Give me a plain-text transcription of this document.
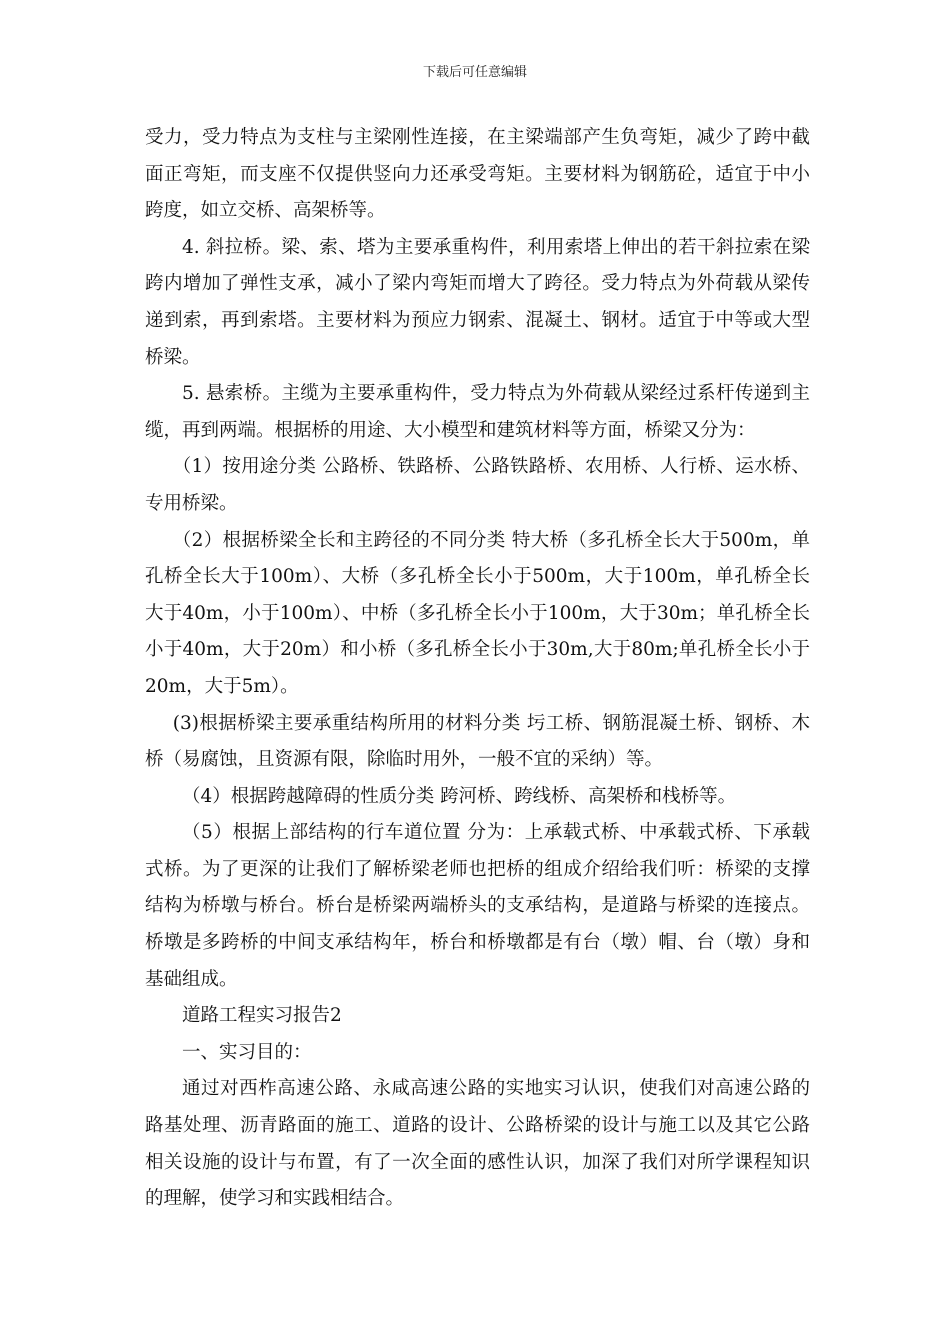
下载后可任意编辑

受力，受力特点为支柱与主梁刚性连接，在主梁端部产生负弯矩，减少了跨中截面正弯矩，而支座不仅提供竖向力还承受弯矩。主要材料为钢筋砼，适宜于中小跨度，如立交桥、高架桥等。

4. 斜拉桥。梁、索、塔为主要承重构件，利用索塔上伸出的若干斜拉索在梁跨内增加了弹性支承，减小了梁内弯矩而增大了跨径。受力特点为外荷载从梁传递到索，再到索塔。主要材料为预应力钢索、混凝土、钢材。适宜于中等或大型桥梁。

5. 悬索桥。主缆为主要承重构件，受力特点为外荷载从梁经过系杆传递到主缆，再到两端。根据桥的用途、大小模型和建筑材料等方面，桥梁又分为：

（1）按用途分类 公路桥、铁路桥、公路铁路桥、农用桥、人行桥、运水桥、专用桥梁。

（2）根据桥梁全长和主跨径的不同分类 特大桥（多孔桥全长大于500m，单孔桥全长大于100m）、大桥（多孔桥全长小于500m，大于100m，单孔桥全长大于40m，小于100m）、中桥（多孔桥全长小于100m，大于30m；单孔桥全长小于40m，大于20m）和小桥（多孔桥全长小于30m,大于80m;单孔桥全长小于20m，大于5m）。

(3)根据桥梁主要承重结构所用的材料分类 圬工桥、钢筋混凝土桥、钢桥、木桥（易腐蚀，且资源有限，除临时用外，一般不宜的采纳）等。

（4）根据跨越障碍的性质分类 跨河桥、跨线桥、高架桥和栈桥等。

（5）根据上部结构的行车道位置 分为：上承载式桥、中承载式桥、下承载式桥。为了更深的让我们了解桥梁老师也把桥的组成介绍给我们听：桥梁的支撑结构为桥墩与桥台。桥台是桥梁两端桥头的支承结构，是道路与桥梁的连接点。桥墩是多跨桥的中间支承结构年，桥台和桥墩都是有台（墩）帽、台（墩）身和基础组成。

道路工程实习报告2

一、实习目的：

通过对西柞高速公路、永咸高速公路的实地实习认识，使我们对高速公路的路基处理、沥青路面的施工、道路的设计、公路桥梁的设计与施工以及其它公路相关设施的设计与布置，有了一次全面的感性认识，加深了我们对所学课程知识的理解，使学习和实践相结合。
